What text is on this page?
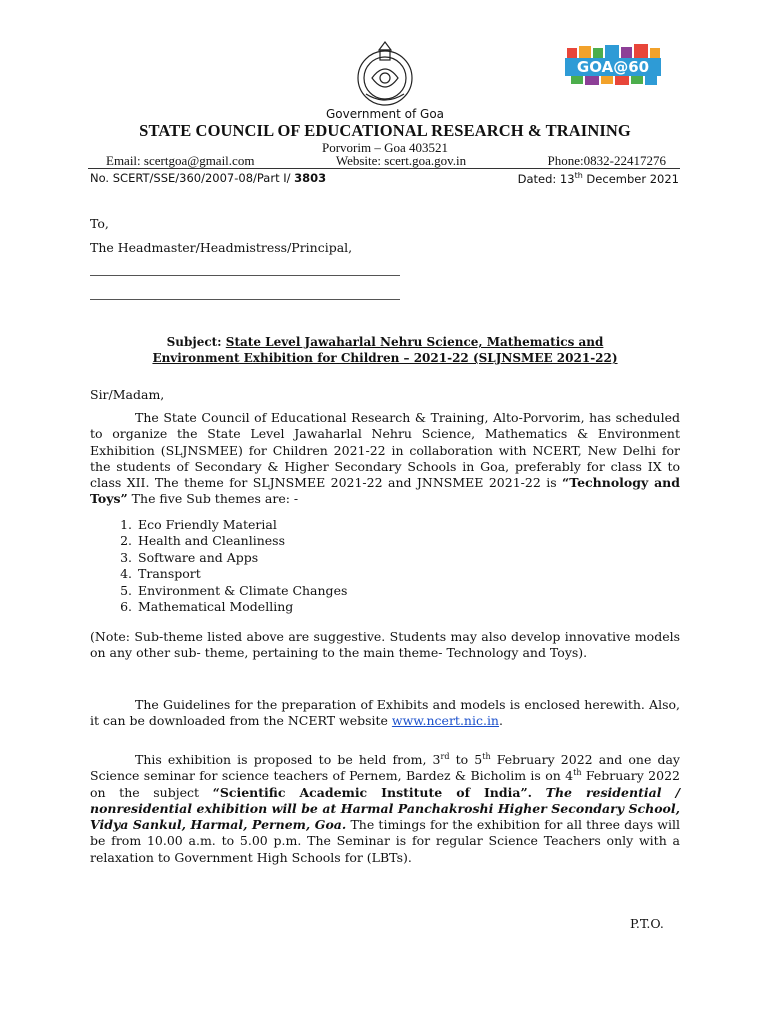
GOA@60
Government of Goa
STATE COUNCIL OF EDUCATIONAL RESEARCH & TRAINING
Porvorim – Goa 403521
Email: scertgoa@gmail.com	Website: scert.goa.gov.in	Phone:0832-22417276
No. SCERT/SSE/360/2007-08/Part I/ 3803	Dated: 13th December 2021
To,
The Headmaster/Headmistress/Principal,
Subject: State Level Jawaharlal Nehru Science, Mathematics and
Environment Exhibition for Children – 2021-22 (SLJNSMEE 2021-22)
Sir/Madam,
The State Council of Educational Research & Training, Alto-Porvorim, has scheduled to organize the State Level Jawaharlal Nehru Science, Mathematics & Environment Exhibition (SLJNSMEE) for Children 2021-22 in collaboration with NCERT, New Delhi for the students of Secondary & Higher Secondary Schools in Goa, preferably for class IX to class XII. The theme for SLJNSMEE 2021-22 and JNNSMEE 2021-22 is “Technology and Toys” The five Sub themes are: -
1. Eco Friendly Material
2. Health and Cleanliness
3. Software and Apps
4. Transport
5. Environment & Climate Changes
6. Mathematical Modelling
(Note: Sub-theme listed above are suggestive. Students may also develop innovative models on any other sub- theme, pertaining to the main theme- Technology and Toys).
The Guidelines for the preparation of Exhibits and models is enclosed herewith. Also, it can be downloaded from the NCERT website www.ncert.nic.in.
This exhibition is proposed to be held from, 3rd to 5th February 2022 and one day Science seminar for science teachers of Pernem, Bardez & Bicholim is on 4th February 2022 on the subject “Scientific Academic Institute of India”. The residential / nonresidential exhibition will be at Harmal Panchakroshi Higher Secondary School, Vidya Sankul, Harmal, Pernem, Goa. The timings for the exhibition for all three days will be from 10.00 a.m. to 5.00 p.m. The Seminar is for regular Science Teachers only with a relaxation to Government High Schools for (LBTs).
P.T.O.
